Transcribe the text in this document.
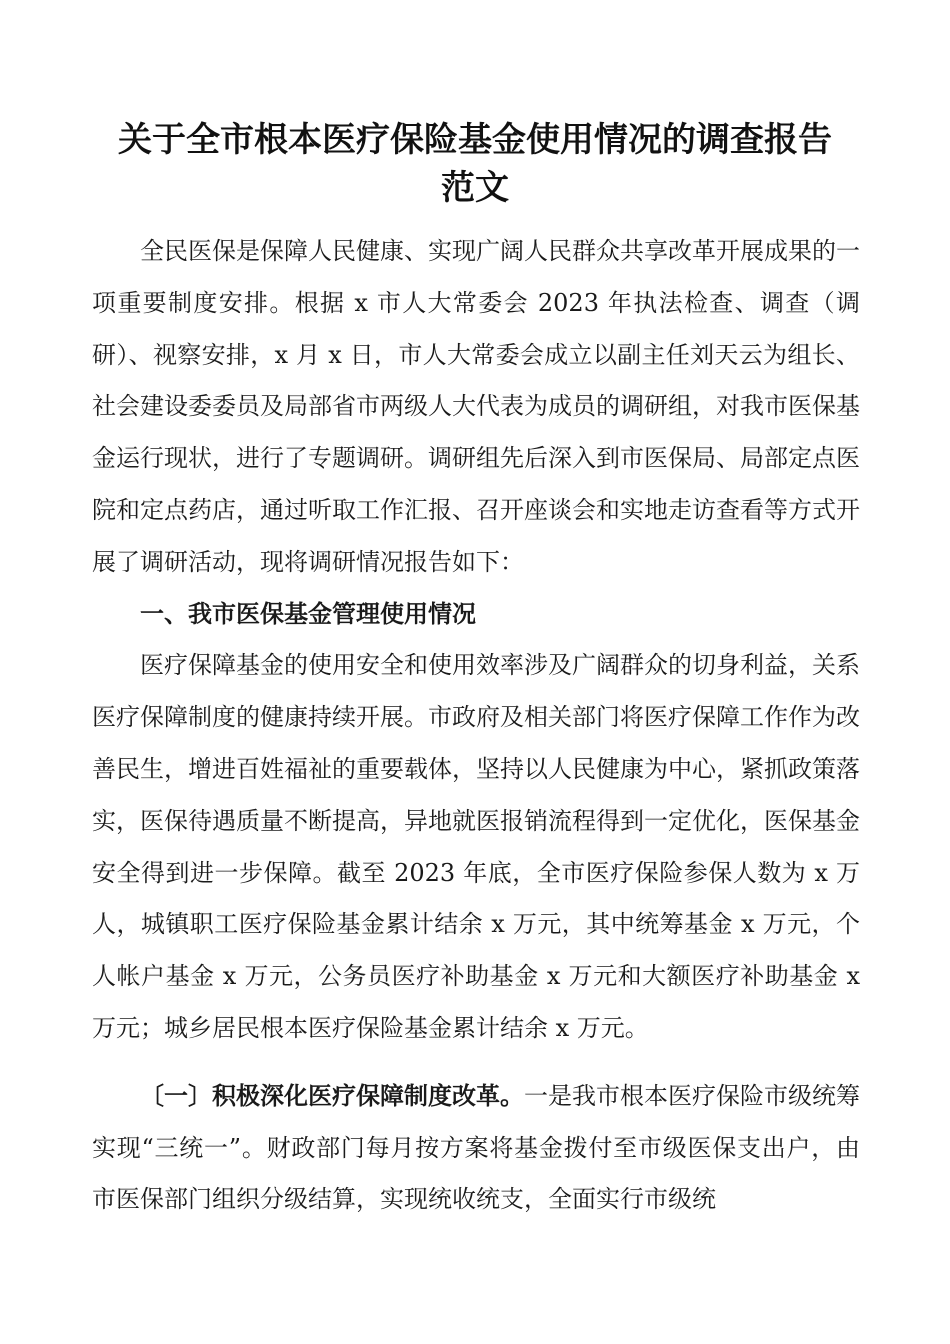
关于全市根本医疗保险基金使用情况的调查报告
范文

全民医保是保障人民健康、实现广阔人民群众共享改革开展成果的一项重要制度安排。根据 x 市人大常委会 2023 年执法检查、调查（调研）、视察安排，x 月 x 日，市人大常委会成立以副主任刘天云为组长、社会建设委委员及局部省市两级人大代表为成员的调研组，对我市医保基金运行现状，进行了专题调研。调研组先后深入到市医保局、局部定点医院和定点药店，通过听取工作汇报、召开座谈会和实地走访查看等方式开展了调研活动，现将调研情况报告如下：

一、我市医保基金管理使用情况

医疗保障基金的使用安全和使用效率涉及广阔群众的切身利益，关系医疗保障制度的健康持续开展。市政府及相关部门将医疗保障工作作为改善民生，增进百姓福祉的重要载体，坚持以人民健康为中心，紧抓政策落实，医保待遇质量不断提高，异地就医报销流程得到一定优化，医保基金安全得到进一步保障。截至 2023 年底，全市医疗保险参保人数为 x 万人，城镇职工医疗保险基金累计结余 x 万元，其中统筹基金 x 万元，个人帐户基金 x 万元，公务员医疗补助基金 x 万元和大额医疗补助基金 x 万元；城乡居民根本医疗保险基金累计结余 x 万元。

〔一〕积极深化医疗保障制度改革。一是我市根本医疗保险市级统筹实现“三统一”。财政部门每月按方案将基金拨付至市级医保支出户，由市医保部门组织分级结算，实现统收统支，全面实行市级统
